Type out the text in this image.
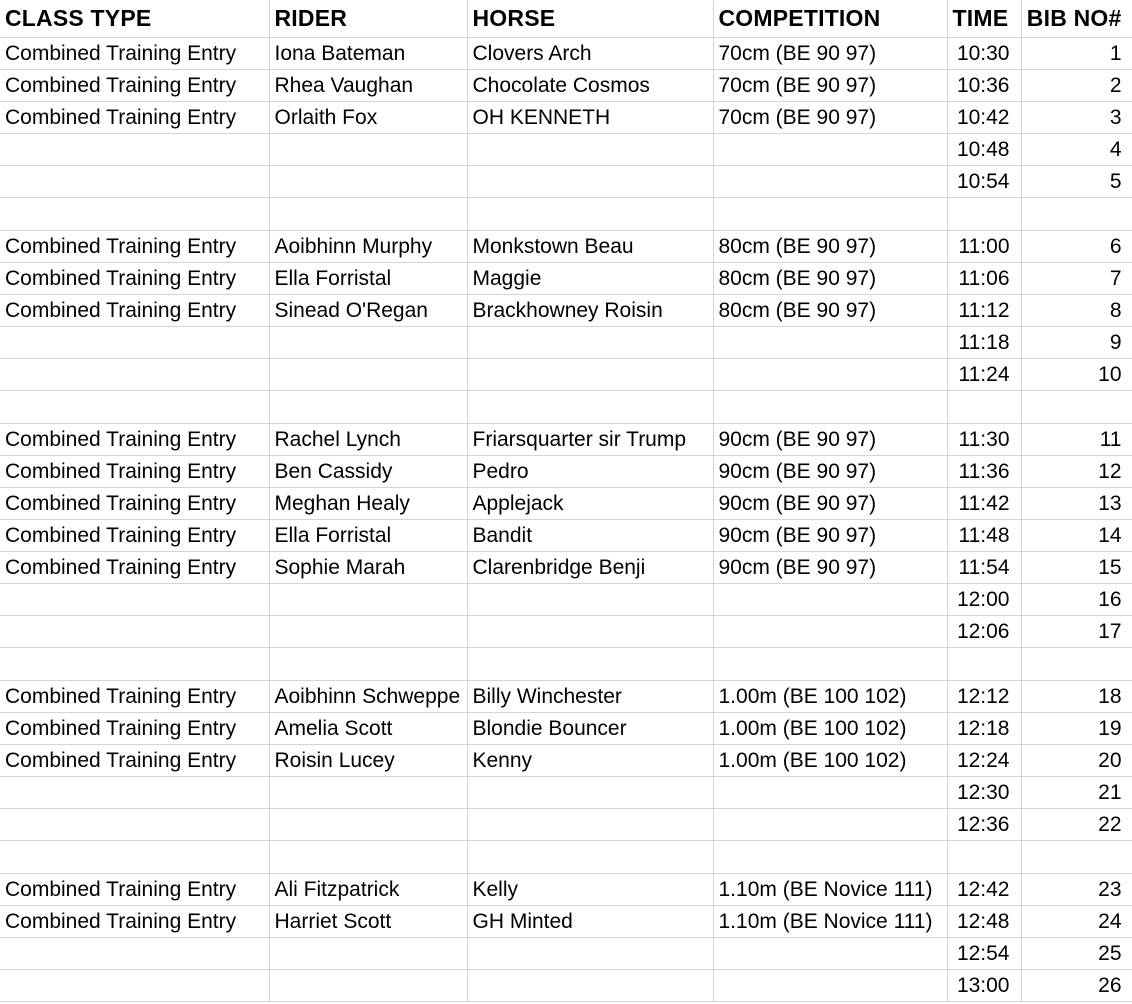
CLASS TYPE	RIDER	HORSE	COMPETITION	TIME	BIB NO#
Combined Training Entry	Iona Bateman	Clovers Arch	70cm (BE 90 97)	10:30	1
Combined Training Entry	Rhea Vaughan	Chocolate Cosmos	70cm (BE 90 97)	10:36	2
Combined Training Entry	Orlaith Fox	OH KENNETH	70cm (BE 90 97)	10:42	3
				10:48	4
				10:54	5

Combined Training Entry	Aoibhinn Murphy	Monkstown Beau	80cm (BE 90 97)	11:00	6
Combined Training Entry	Ella Forristal	Maggie	80cm (BE 90 97)	11:06	7
Combined Training Entry	Sinead O'Regan	Brackhowney Roisin	80cm (BE 90 97)	11:12	8
				11:18	9
				11:24	10

Combined Training Entry	Rachel Lynch	Friarsquarter sir Trump	90cm (BE 90 97)	11:30	11
Combined Training Entry	Ben Cassidy	Pedro	90cm (BE 90 97)	11:36	12
Combined Training Entry	Meghan Healy	Applejack	90cm (BE 90 97)	11:42	13
Combined Training Entry	Ella Forristal	Bandit	90cm (BE 90 97)	11:48	14
Combined Training Entry	Sophie Marah	Clarenbridge Benji	90cm (BE 90 97)	11:54	15
				12:00	16
				12:06	17

Combined Training Entry	Aoibhinn Schweppe	Billy Winchester	1.00m (BE 100 102)	12:12	18
Combined Training Entry	Amelia Scott	Blondie Bouncer	1.00m (BE 100 102)	12:18	19
Combined Training Entry	Roisin Lucey	Kenny	1.00m (BE 100 102)	12:24	20
				12:30	21
				12:36	22

Combined Training Entry	Ali Fitzpatrick	Kelly	1.10m (BE Novice 111)	12:42	23
Combined Training Entry	Harriet Scott	GH Minted	1.10m (BE Novice 111)	12:48	24
				12:54	25
				13:00	26
